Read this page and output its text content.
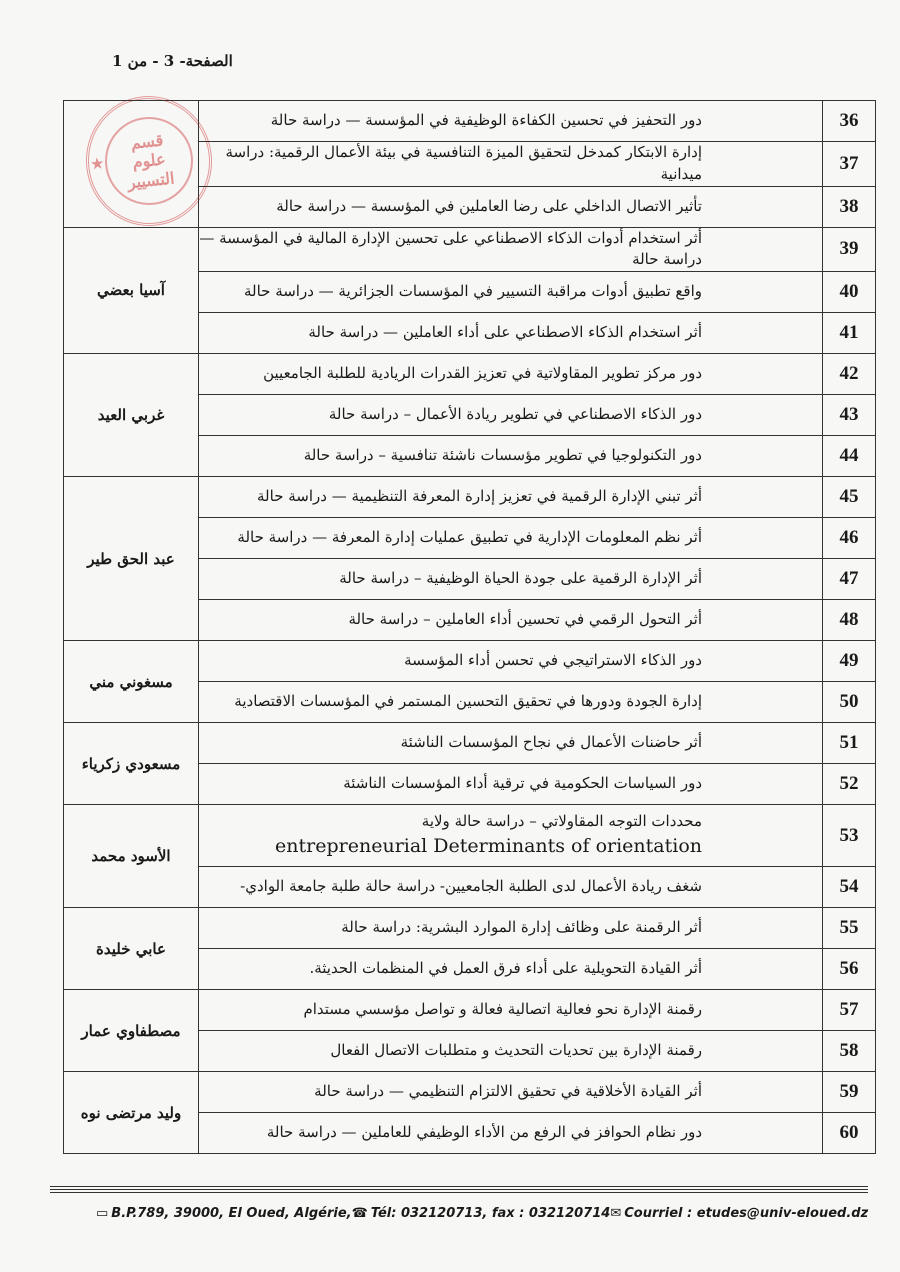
الصفحة- 3 - من 1
★
قسم
علوم التسيير
36	دور التحفيز في تحسين الكفاءة الوظيفية في المؤسسة — دراسة حالة	
37	إدارة الابتكار كمدخل لتحقيق الميزة التنافسية في بيئة الأعمال الرقمية: دراسة ميدانية	
38	تأثير الاتصال الداخلي على رضا العاملين في المؤسسة — دراسة حالة	
39	أثر استخدام أدوات الذكاء الاصطناعي على تحسين الإدارة المالية في المؤسسة — دراسة حالة	آسيا بعضي
40	واقع تطبيق أدوات مراقبة التسيير في المؤسسات الجزائرية — دراسة حالة	
41	أثر استخدام الذكاء الاصطناعي على أداء العاملين — دراسة حالة	
42	دور مركز تطوير المقاولاتية في تعزيز القدرات الريادية للطلبة الجامعيين	غربي العيد
43	دور الذكاء الاصطناعي في تطوير ريادة الأعمال – دراسة حالة	
44	دور التكنولوجيا في تطوير مؤسسات ناشئة تنافسية – دراسة حالة	
45	أثر تبني الإدارة الرقمية في تعزيز إدارة المعرفة التنظيمية — دراسة حالة	عبد الحق طير
46	أثر نظم المعلومات الإدارية في تطبيق عمليات إدارة المعرفة — دراسة حالة	
47	أثر الإدارة الرقمية على جودة الحياة الوظيفية – دراسة حالة	
48	أثر التحول الرقمي في تحسين أداء العاملين – دراسة حالة	
49	دور الذكاء الاستراتيجي في تحسن أداء المؤسسة	مسغوني مني
50	إدارة الجودة ودورها في تحقيق التحسين المستمر في المؤسسات الاقتصادية	
51	أثر حاضنات الأعمال في نجاح المؤسسات الناشئة	مسعودي زكرياء
52	دور السياسات الحكومية في ترقية أداء المؤسسات الناشئة	
53	محددات التوجه المقاولاتي – دراسة حالة ولاية entrepreneurial Determinants of orientation	الأسود محمد
54	شغف ريادة الأعمال لدى الطلبة الجامعيين- دراسة حالة طلبة جامعة الوادي-	
55	أثر الرقمنة على وظائف إدارة الموارد البشرية: دراسة حالة	عابي خليدة
56	أثر القيادة التحويلية على أداء فرق العمل في المنظمات الحديثة.	
57	رقمنة الإدارة نحو فعالية اتصالية فعالة و تواصل مؤسسي مستدام	مصطفاوي عمار
58	رقمنة الإدارة بين تحديات التحديث و متطلبات الاتصال الفعال	
59	أثر القيادة الأخلاقية في تحقيق الالتزام التنظيمي — دراسة حالة	وليد مرتضى نوه
60	دور نظام الحوافز في الرفع من الأداء الوظيفي للعاملين — دراسة حالة	
▭ B.P.789, 39000, El Oued, Algérie, ☎ Tél: 032120713, fax : 032120714 ✉ Courriel : etudes@univ-eloued.dz
